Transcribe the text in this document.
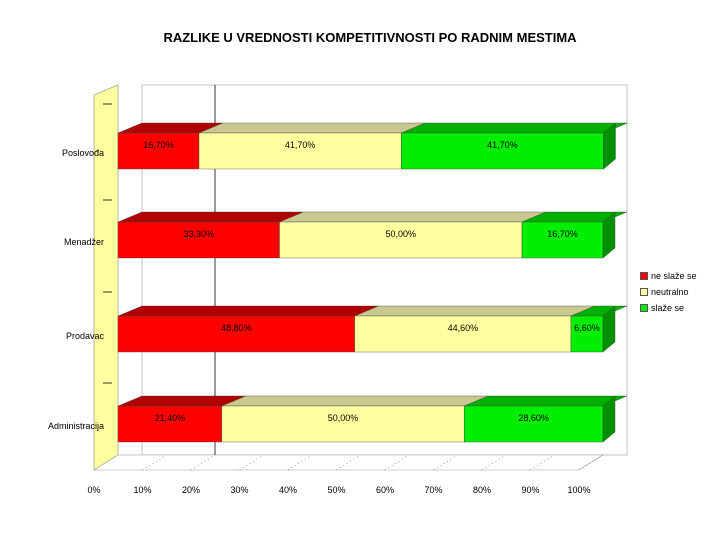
RAZLIKE U VREDNOSTI KOMPETITIVNOSTI PO RADNIM MESTIMA
16,70%	41,70%	41,70%
Poslovođa
33,30%	50,00%	16,70%
Menadžer
48,80%	44,60%	6,60%
Prodavac
21,40%	50,00%	28,60%
Administracija
0%	10%	20%	30%	40%	50%	60%	70%	80%	90%	100%
ne slaže se
neutralno
slaže se
